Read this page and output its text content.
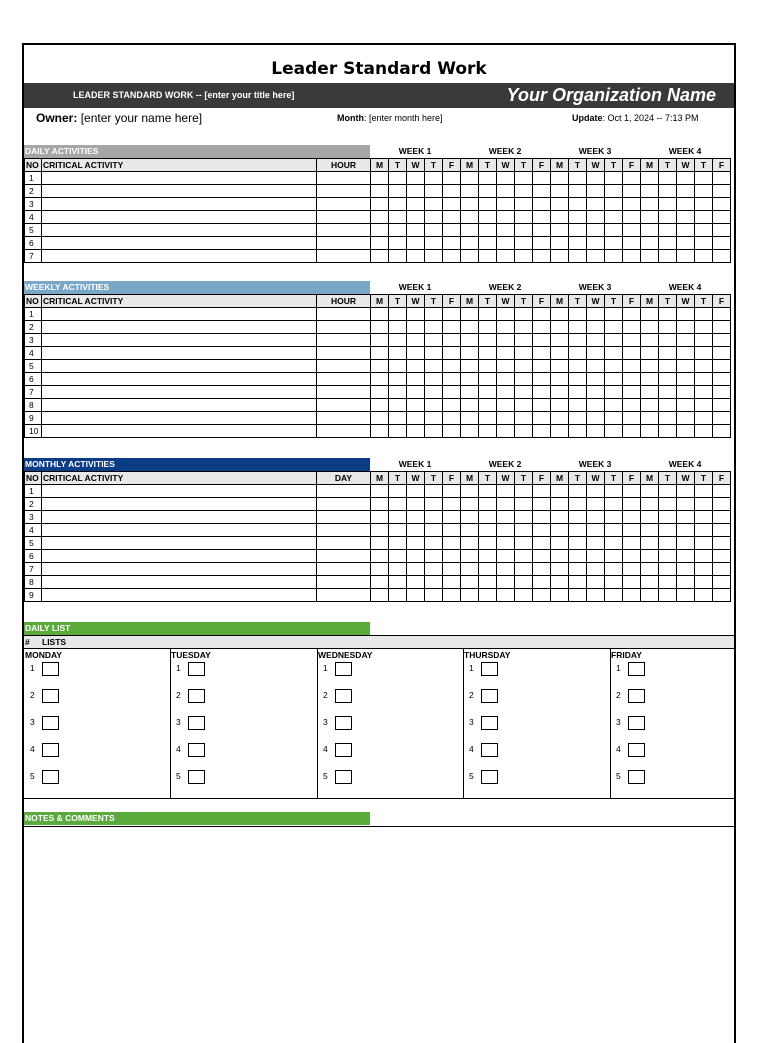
Leader Standard Work
LEADER STANDARD WORK -- [enter your title here]	Your Organization Name
Owner: [enter your name here]	Month: [enter month here]	Update: Oct 1, 2024 -- 7:13 PM
DAILY ACTIVITIES	WEEK 1	WEEK 2	WEEK 3	WEEK 4
NO	CRITICAL ACTIVITY	HOUR	M	T	W	T	F	M	T	W	T	F	M	T	W	T	F	M	T	W	T	F
1																						
2																						
3																						
4																						
5																						
6																						
7																						
WEEKLY ACTIVITIES	WEEK 1	WEEK 2	WEEK 3	WEEK 4
NO	CRITICAL ACTIVITY	HOUR	M	T	W	T	F	M	T	W	T	F	M	T	W	T	F	M	T	W	T	F
1																						
2																						
3																						
4																						
5																						
6																						
7																						
8																						
9																						
10																						
MONTHLY ACTIVITIES	WEEK 1	WEEK 2	WEEK 3	WEEK 4
NO	CRITICAL ACTIVITY	DAY	M	T	W	T	F	M	T	W	T	F	M	T	W	T	F	M	T	W	T	F
1																						
2																						
3																						
4																						
5																						
6																						
7																						
8																						
9																						
DAILY LIST
# LISTS
MONDAY
1
2
3
4
5
TUESDAY
1
2
3
4
5
WEDNESDAY
1
2
3
4
5
THURSDAY
1
2
3
4
5
FRIDAY
1
2
3
4
5
NOTES & COMMENTS
